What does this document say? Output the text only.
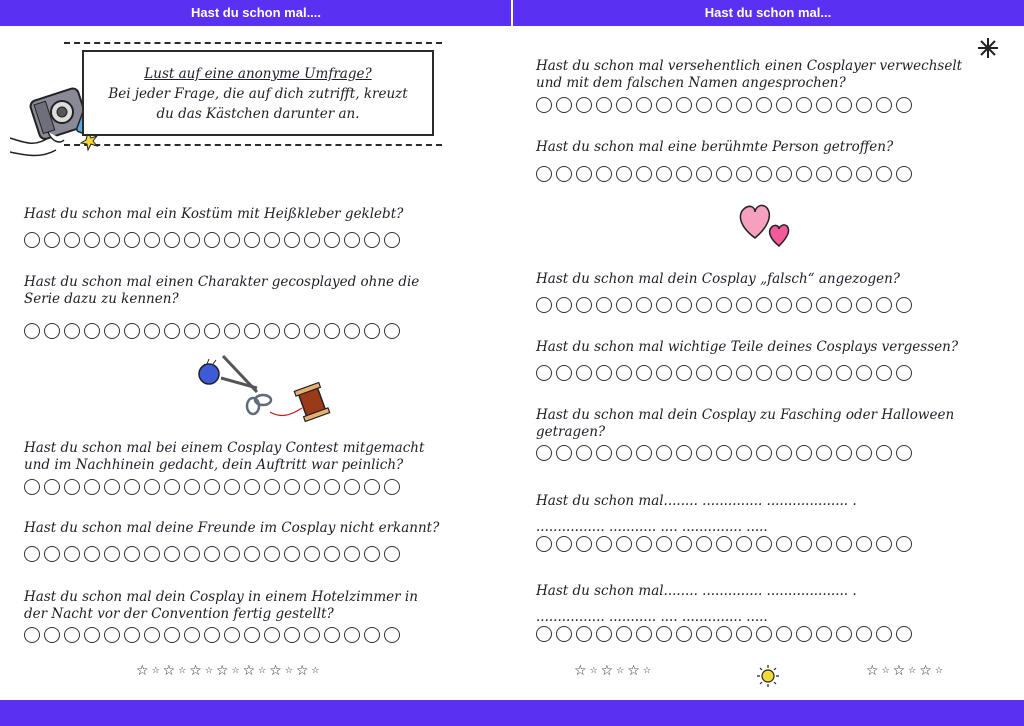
Hast du schon mal....	Hast du schon mal...
Lust auf eine anonyme Umfrage?
Bei jeder Frage, die auf dich zutrifft, kreuzt
du das Kästchen darunter an.
Hast du schon mal ein Kostüm mit Heißkleber geklebt?
Hast du schon mal einen Charakter gecosplayed ohne die
Serie dazu zu kennen?
Hast du schon mal bei einem Cosplay Contest mitgemacht
und im Nachhinein gedacht, dein Auftritt war peinlich?
Hast du schon mal deine Freunde im Cosplay nicht erkannt?
Hast du schon mal dein Cosplay in einem Hotelzimmer in
der Nacht vor der Convention fertig gestellt?
☆ ☆ ☆ ☆ ☆ ☆ ☆ ☆ ☆ ☆ ☆ ☆ ☆ ☆
Hast du schon mal versehentlich einen Cosplayer verwechselt
und mit dem falschen Namen angesprochen?
Hast du schon mal eine berühmte Person getroffen?
Hast du schon mal dein Cosplay „falsch“ angezogen?
Hast du schon mal wichtige Teile deines Cosplays vergessen?
Hast du schon mal dein Cosplay zu Fasching oder Halloween
getragen?
Hast du schon mal........ .............. ................... .
................ ........... .... .............. .....
Hast du schon mal........ .............. ................... .
................ ........... .... .............. .....
☆ ☆ ☆ ☆ ☆ ☆	☆ ☆ ☆ ☆ ☆ ☆
